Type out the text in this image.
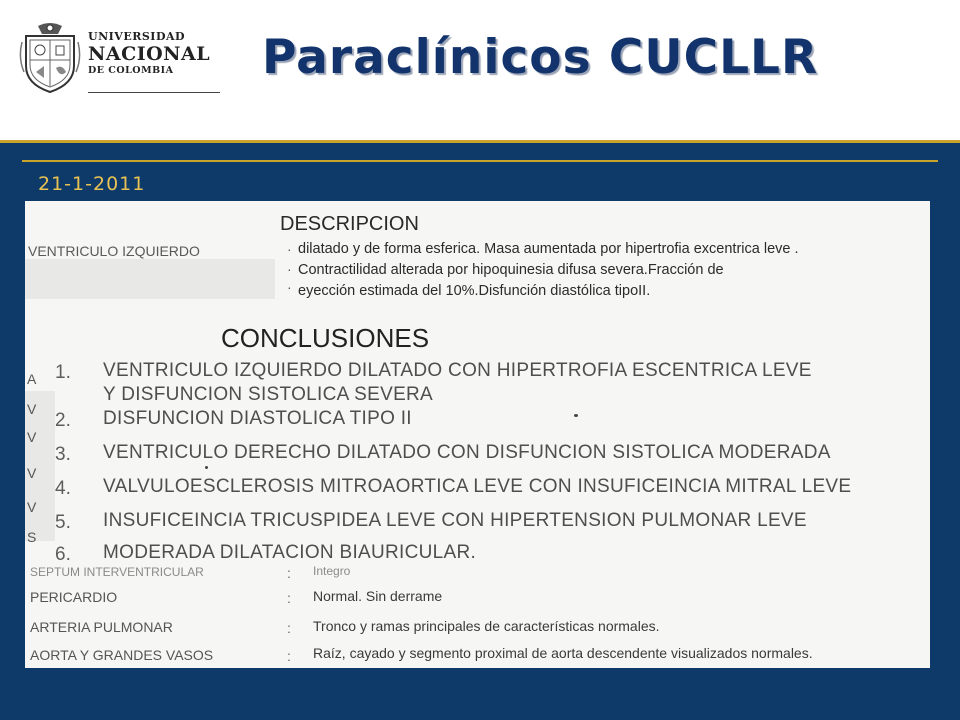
UNIVERSIDAD
NACIONAL
DE COLOMBIA	Paraclínicos CUCLLR
21-1-2011
DESCRIPCION
VENTRICULO IZQUIERDO	·
·
·
dilatado y de forma esferica. Masa aumentada por hipertrofia excentrica leve .
Contractilidad alterada por hipoquinesia difusa severa.Fracción de
eyección estimada del 10%.Disfunción diastólica tipoII.
CONCLUSIONES
A
V
V
V
V
S
1. VENTRICULO IZQUIERDO DILATADO CON HIPERTROFIA ESCENTRICA LEVE
Y DISFUNCION SISTOLICA SEVERA
2. DISFUNCION DIASTOLICA TIPO II
3. VENTRICULO DERECHO DILATADO CON DISFUNCION SISTOLICA MODERADA
4. VALVULOESCLEROSIS MITROAORTICA LEVE CON INSUFICEINCIA MITRAL LEVE
5. INSUFICEINCIA TRICUSPIDEA LEVE CON HIPERTENSION PULMONAR LEVE
6. MODERADA DILATACION BIAURICULAR.
SEPTUM INTERVENTRICULAR	: Integro
PERICARDIO	: Normal. Sin derrame
ARTERIA PULMONAR	: Tronco y ramas principales de características normales.
AORTA Y GRANDES VASOS	: Raíz, cayado y segmento proximal de aorta descendente visualizados normales.
